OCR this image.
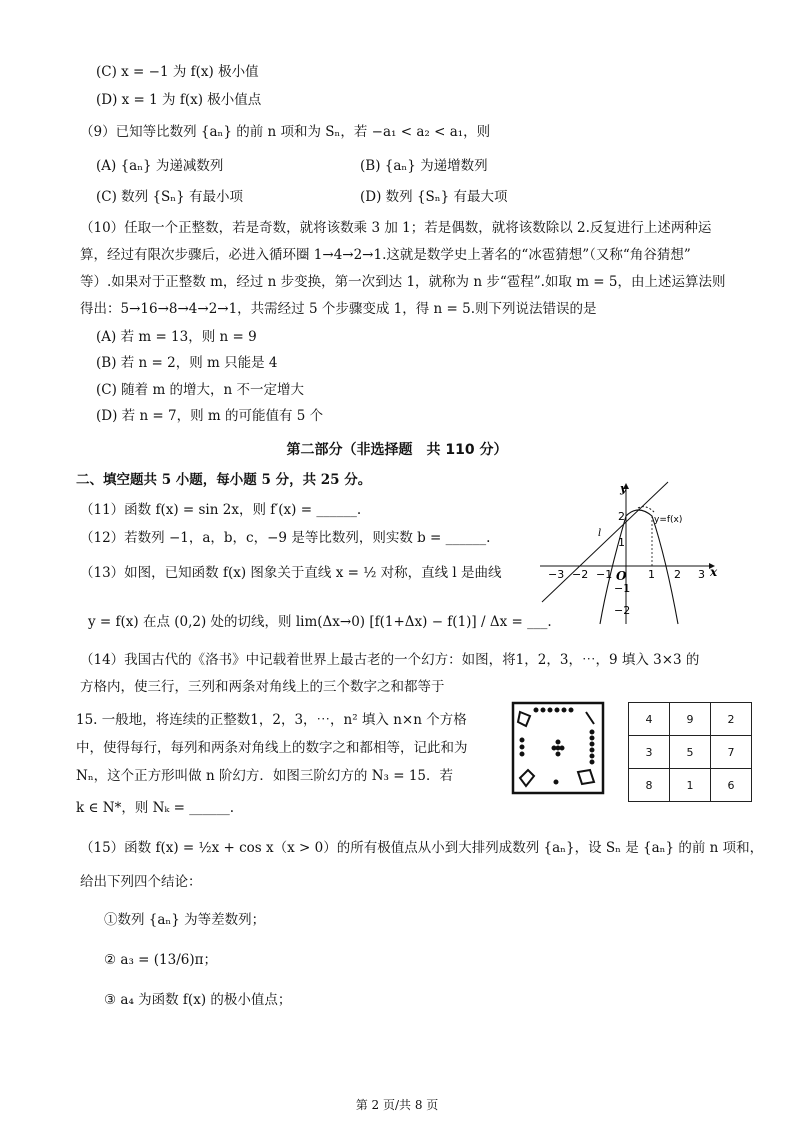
(C) x = −1 为 f(x) 极小值
(D) x = 1 为 f(x) 极小值点
（9）已知等比数列 {aₙ} 的前 n 项和为 Sₙ，若 −a₁ < a₂ < a₁，则
(A) {aₙ} 为递减数列	(B) {aₙ} 为递增数列
(C) 数列 {Sₙ} 有最小项	(D) 数列 {Sₙ} 有最大项
（10）任取一个正整数，若是奇数，就将该数乘 3 加 1；若是偶数，就将该数除以 2.反复进行上述两种运
算，经过有限次步骤后，必进入循环圈 1→4→2→1.这就是数学史上著名的“冰雹猜想”（又称“角谷猜想”
等）.如果对于正整数 m，经过 n 步变换，第一次到达 1，就称为 n 步“雹程”.如取 m = 5，由上述运算法则
得出：5→16→8→4→2→1，共需经过 5 个步骤变成 1，得 n = 5.则下列说法错误的是
(A) 若 m = 13，则 n = 9
(B) 若 n = 2，则 m 只能是 4
(C) 随着 m 的增大，n 不一定增大
(D) 若 n = 7，则 m 的可能值有 5 个
第二部分（非选择题　共 110 分）
二、填空题共 5 小题，每小题 5 分，共 25 分。
（11）函数 f(x) = sin 2x，则 f′(x) = ______.
（12）若数列 −1，a，b，c，−9 是等比数列，则实数 b = ______.
（13）如图，已知函数 f(x) 图象关于直线 x = ½ 对称，直线 l 是曲线
y = f(x) 在点 (0,2) 处的切线，则 lim(Δx→0) [f(1+Δx) − f(1)] / Δx = ___.
y
x
O
y=f(x)
l
−3 −2 −1	1 2 3
2
1
−1
−2
（14）我国古代的《洛书》中记载着世界上最古老的一个幻方：如图，将1，2，3，⋯，9 填入 3×3 的
方格内，使三行，三列和两条对角线上的三个数字之和都等于
15. 一般地，将连续的正整数1，2，3，⋯，n² 填入 n×n 个方格
中，使得每行，每列和两条对角线上的数字之和都相等，记此和为
Nₙ，这个正方形叫做 n 阶幻方．如图三阶幻方的 N₃ = 15．若
k ∈ N*，则 Nₖ = ______.
4	9	2
3	5	7
8	1	6
（15）函数 f(x) = ½x + cos x（x > 0）的所有极值点从小到大排列成数列 {aₙ}，设 Sₙ 是 {aₙ} 的前 n 项和，
给出下列四个结论：
①数列 {aₙ} 为等差数列；
② a₃ = (13/6)π；
③ a₄ 为函数 f(x) 的极小值点；
第 2 页/共 8 页
